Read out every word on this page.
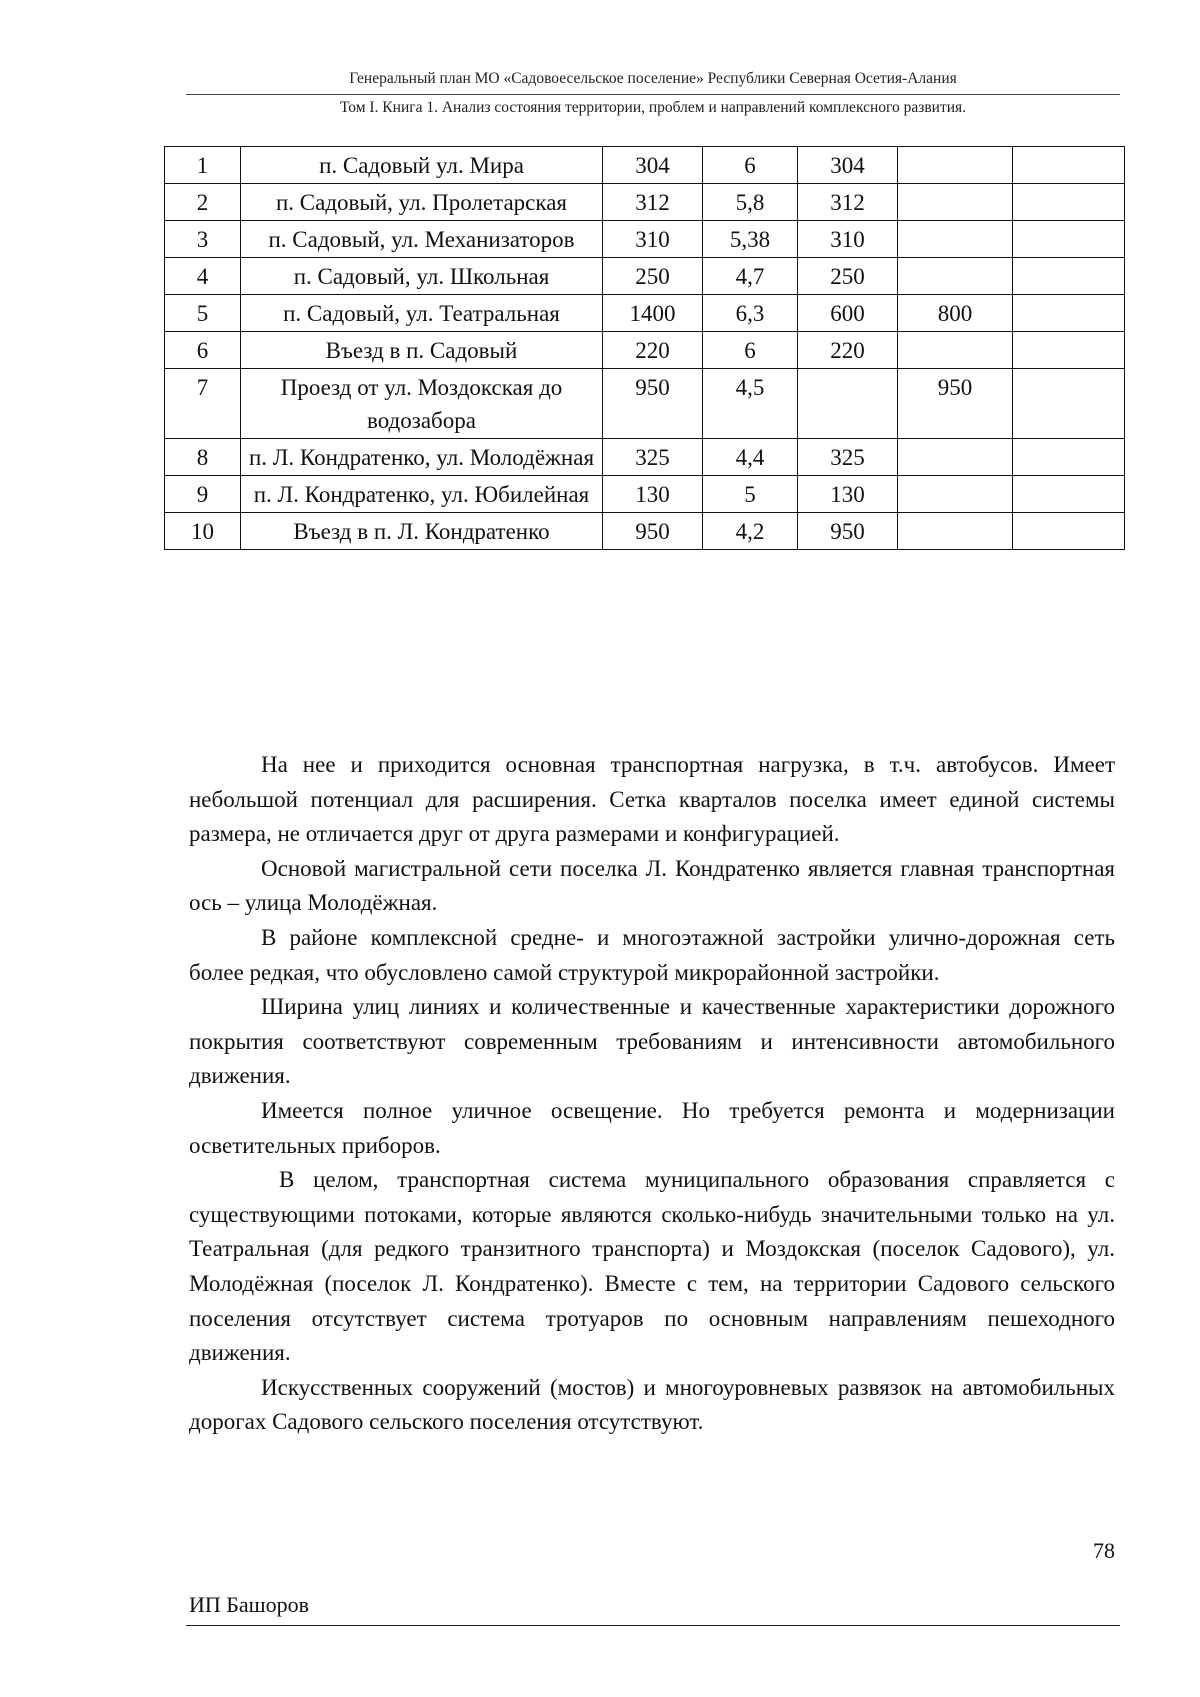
Генеральный план МО «Садовоесельское поселение» Республики Северная Осетия-Алания
Том I. Книга 1. Анализ состояния территории, проблем и направлений комплексного развития.
1	п. Садовый ул. Мира	304	6	304		
2	п. Садовый, ул. Пролетарская	312	5,8	312		
3	п. Садовый, ул. Механизаторов	310	5,38	310		
4	п. Садовый, ул. Школьная	250	4,7	250		
5	п. Садовый, ул. Театральная	1400	6,3	600	800	
6	Въезд в п. Садовый	220	6	220		
7	Проезд от ул. Моздокская до водозабора	950	4,5		950	
8	п. Л. Кондратенко, ул. Молодёжная	325	4,4	325		
9	п. Л. Кондратенко, ул. Юбилейная	130	5	130		
10	Въезд в п. Л. Кондратенко	950	4,2	950		

На нее и приходится основная транспортная нагрузка, в т.ч. автобусов. Имеет небольшой потенциал для расширения. Сетка кварталов поселка имеет единой системы размера, не отличается друг от друга размерами и конфигурацией.

Основой магистральной сети поселка Л. Кондратенко является главная транспортная ось – улица Молодёжная.

В районе комплексной средне- и многоэтажной застройки улично-дорожная сеть более редкая, что обусловлено самой структурой микрорайонной застройки.

Ширина улиц линиях и количественные и качественные характеристики дорожного покрытия соответствуют современным требованиям и интенсивности автомобильного движения.

Имеется полное уличное освещение. Но требуется ремонта и модернизации осветительных приборов.

В целом, транспортная система муниципального образования справляется с существующими потоками, которые являются сколько-нибудь значительными только на ул. Театральная (для редкого транзитного транспорта) и Моздокская (поселок Садового), ул. Молодёжная (поселок Л. Кондратенко). Вместе с тем, на территории Садового сельского поселения отсутствует система тротуаров по основным направлениям пешеходного движения.

Искусственных сооружений (мостов) и многоуровневых развязок на автомобильных дорогах Садового сельского поселения отсутствуют.

78
ИП Башоров
